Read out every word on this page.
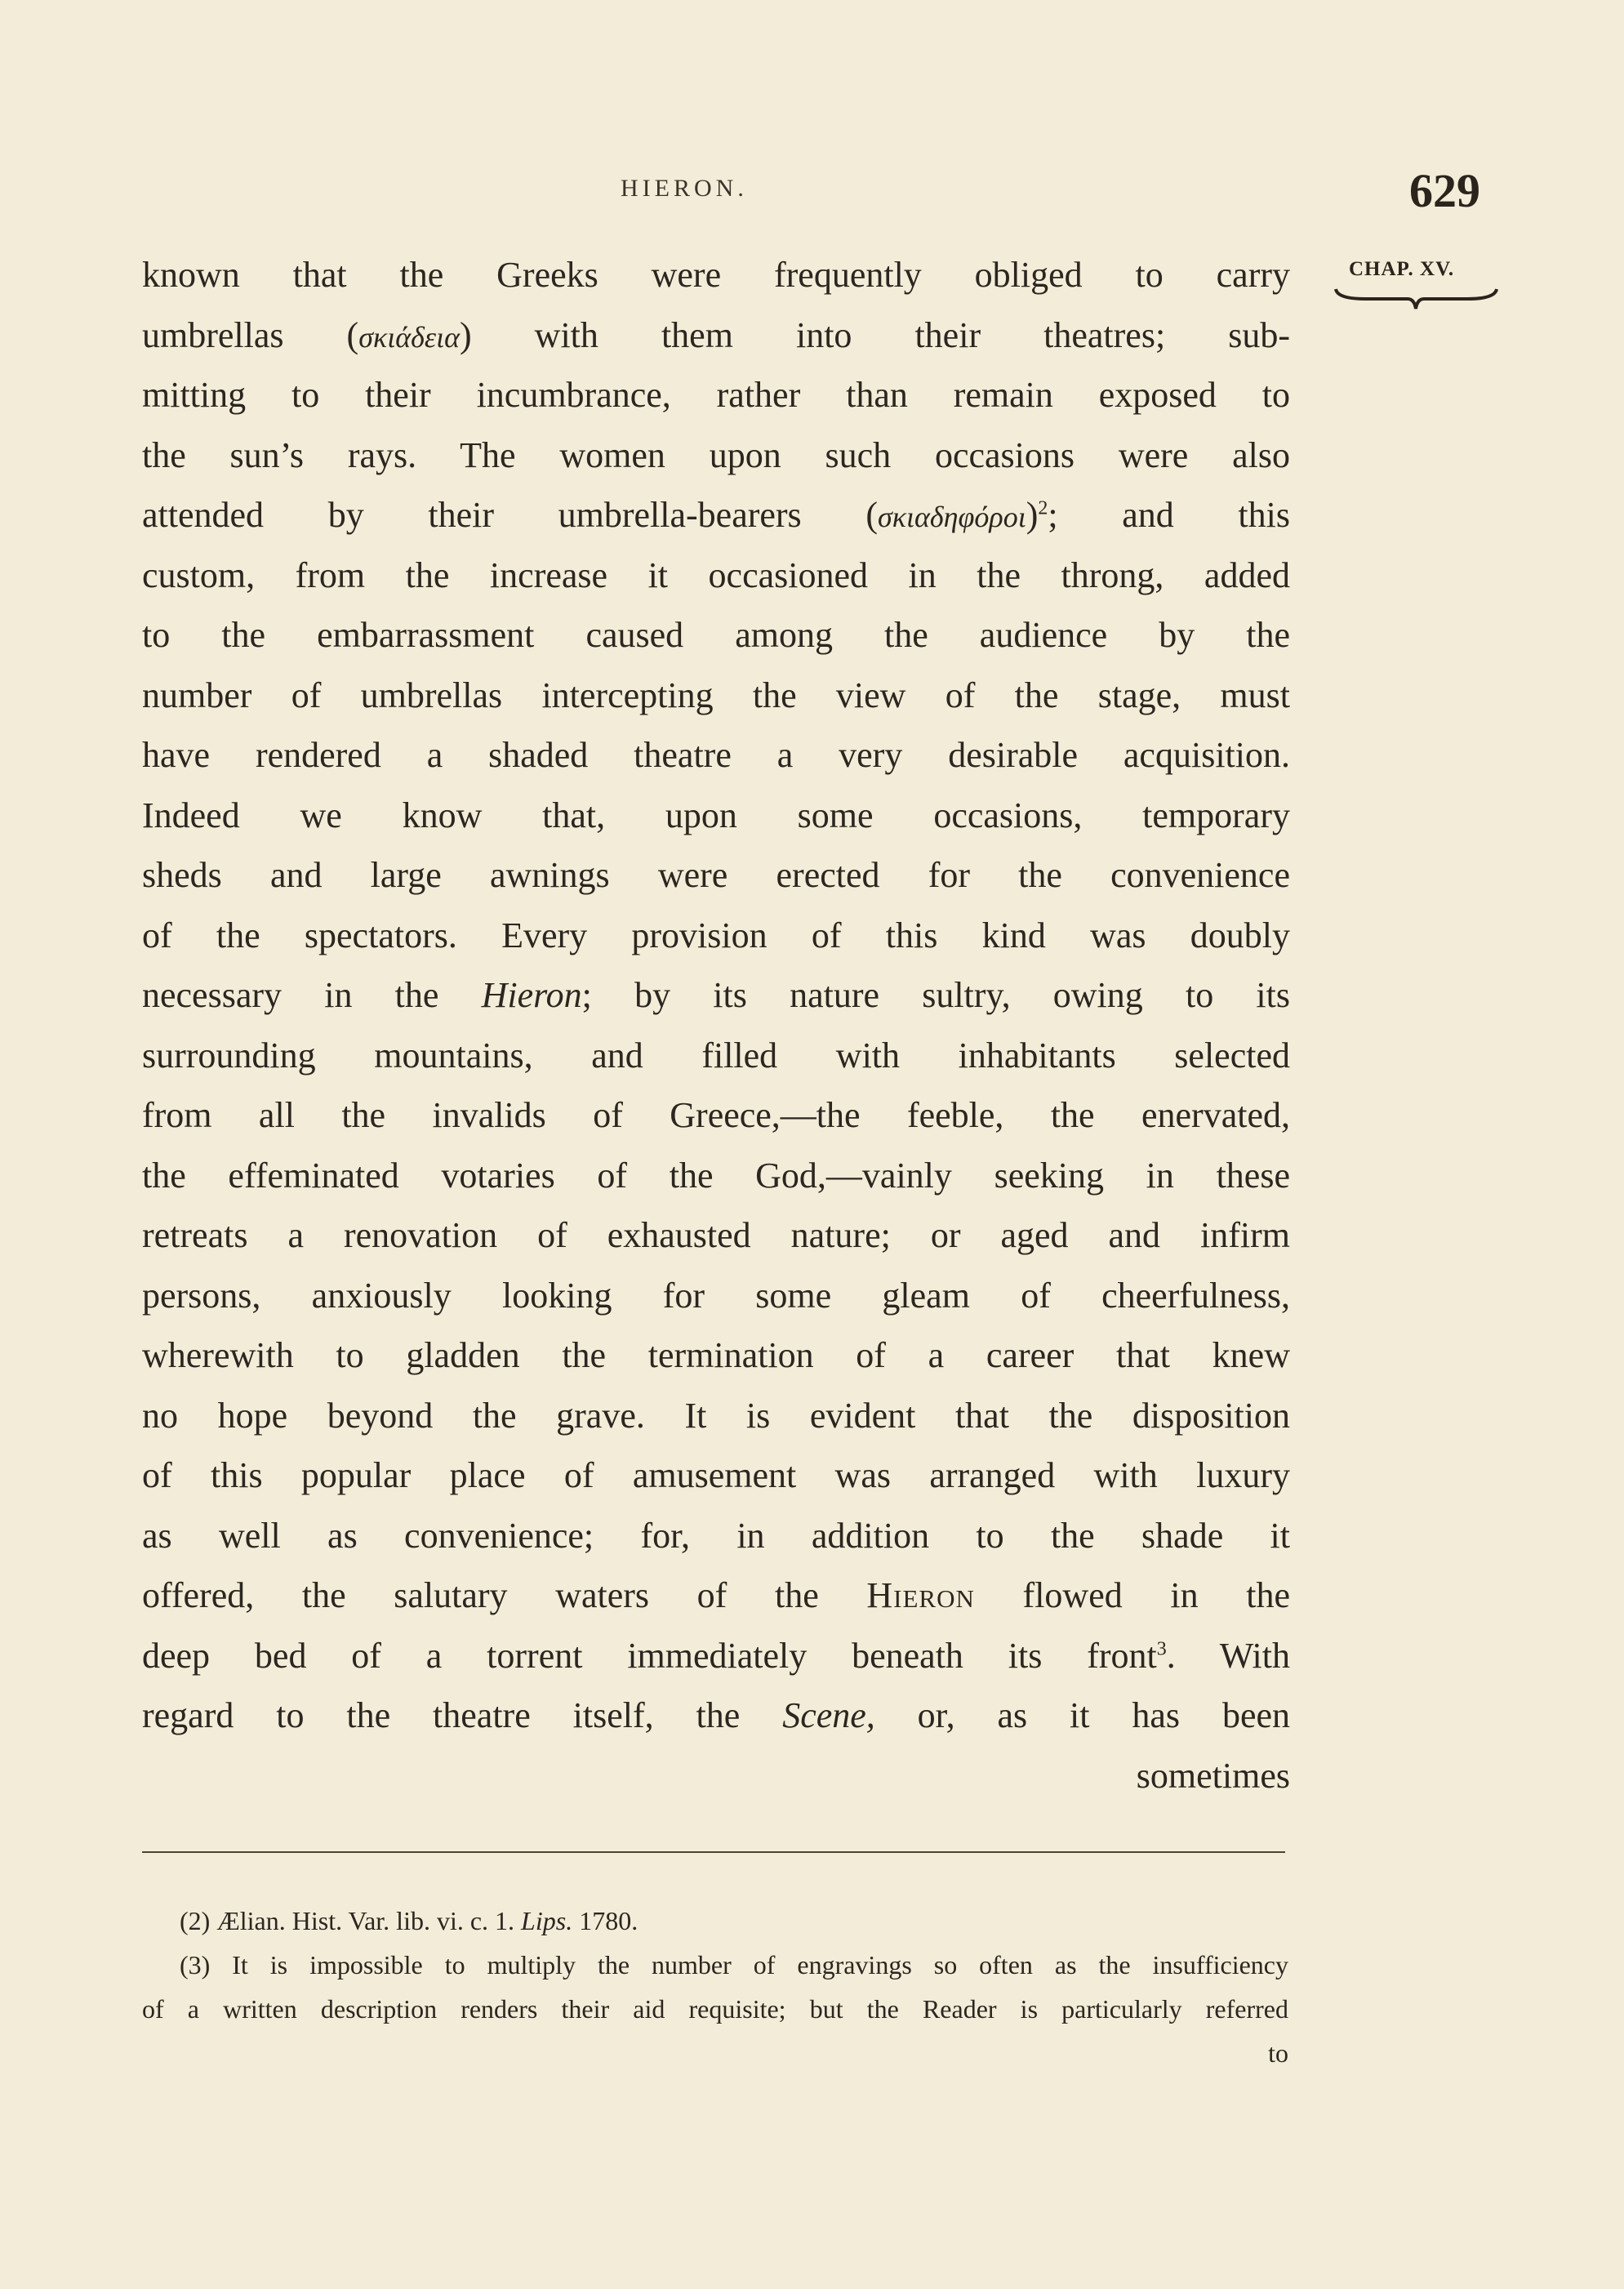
HIERON.	629
CHAP. XV.
known that the Greeks were frequently obliged to carry
umbrellas (σκιάδεια) with them into their theatres; sub-
mitting to their incumbrance, rather than remain exposed to
the sun’s rays. The women upon such occasions were also
attended by their umbrella-bearers (σκιαδηφόροι)$^2$; and this
custom, from the increase it occasioned in the throng, added
to the embarrassment caused among the audience by the
number of umbrellas intercepting the view of the stage, must
have rendered a shaded theatre a very desirable acquisition.
Indeed we know that, upon some occasions, temporary
sheds and large awnings were erected for the convenience
of the spectators. Every provision of this kind was doubly
necessary in the Hieron; by its nature sultry, owing to its
surrounding mountains, and filled with inhabitants selected
from all the invalids of Greece,—the feeble, the enervated,
the effeminated votaries of the God,—vainly seeking in these
retreats a renovation of exhausted nature; or aged and infirm
persons, anxiously looking for some gleam of cheerfulness,
wherewith to gladden the termination of a career that knew
no hope beyond the grave. It is evident that the disposition
of this popular place of amusement was arranged with luxury
as well as convenience; for, in addition to the shade it
offered, the salutary waters of the Hieron flowed in the
deep bed of a torrent immediately beneath its front$^3$. With
regard to the theatre itself, the Scene, or, as it has been
sometimes
(2) Ælian. Hist. Var. lib. vi. c. 1. Lips. 1780.
(3) It is impossible to multiply the number of engravings so often as the insufficiency
of a written description renders their aid requisite; but the Reader is particularly referred
to
